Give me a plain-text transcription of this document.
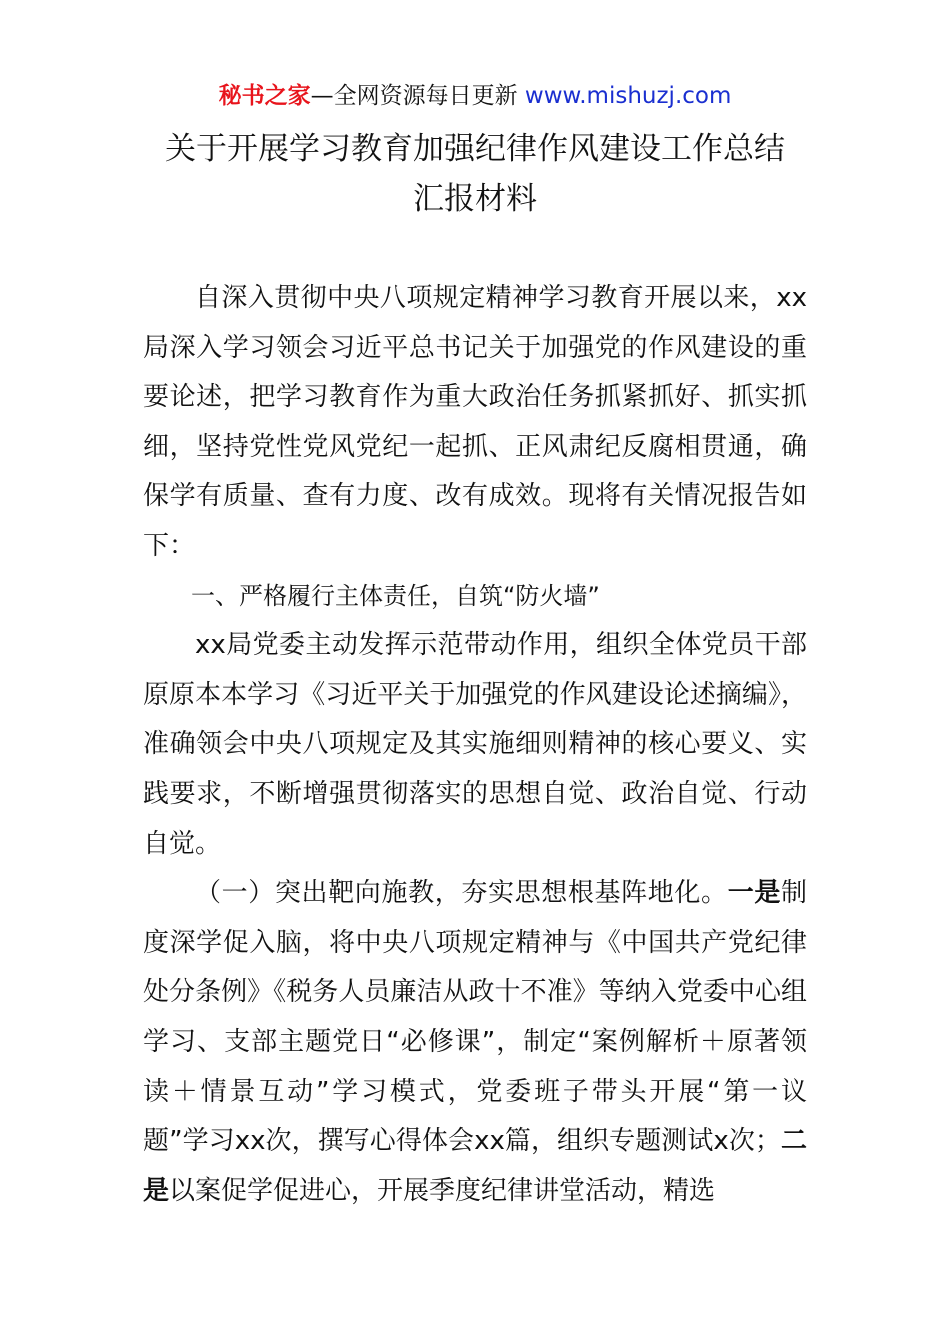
秘书之家—全网资源每日更新 www.mishuzj.com
关于开展学习教育加强纪律作风建设工作总结
汇报材料

自深入贯彻中央八项规定精神学习教育开展以来，xx局深入学习领会习近平总书记关于加强党的作风建设的重要论述，把学习教育作为重大政治任务抓紧抓好、抓实抓细，坚持党性党风党纪一起抓、正风肃纪反腐相贯通，确保学有质量、查有力度、改有成效。现将有关情况报告如下：

一、严格履行主体责任，自筑“防火墙”

xx局党委主动发挥示范带动作用，组织全体党员干部原原本本学习《习近平关于加强党的作风建设论述摘编》，准确领会中央八项规定及其实施细则精神的核心要义、实践要求，不断增强贯彻落实的思想自觉、政治自觉、行动自觉。

（一）突出靶向施教，夯实思想根基阵地化。一是制度深学促入脑，将中央八项规定精神与《中国共产党纪律处分条例》《税务人员廉洁从政十不准》等纳入党委中心组学习、支部主题党日“必修课”，制定“案例解析＋原著领读＋情景互动”学习模式，党委班子带头开展“第一议题”学习xx次，撰写心得体会xx篇，组织专题测试x次；二是以案促学促进心，开展季度纪律讲堂活动，精选
